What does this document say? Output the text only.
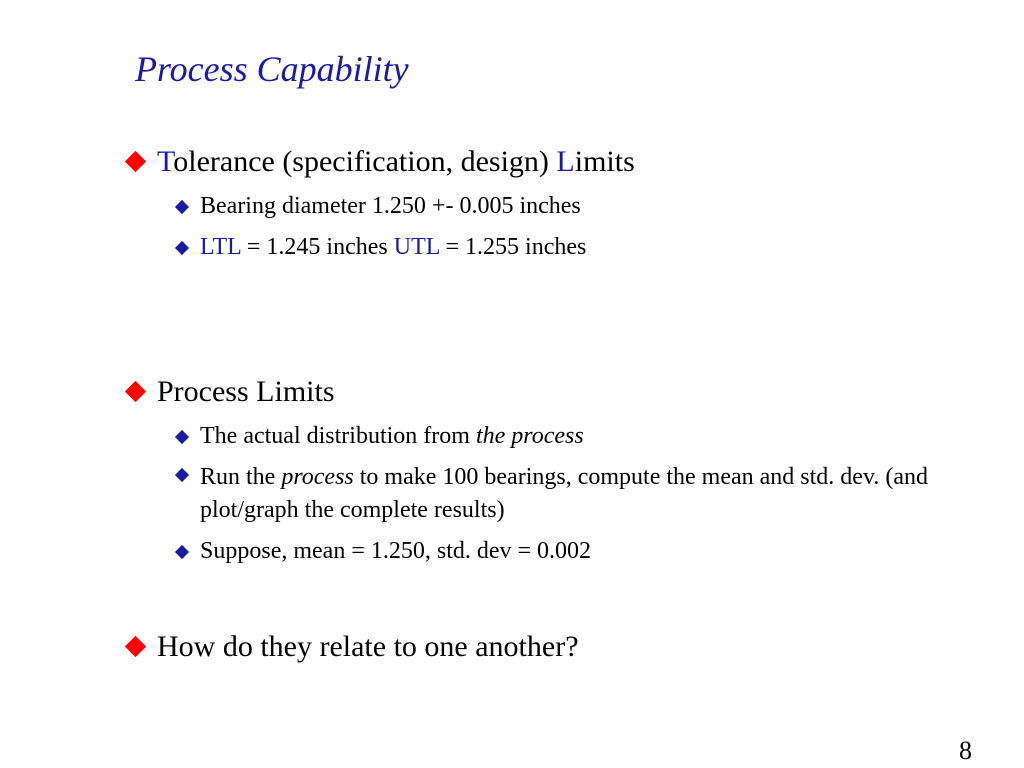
Process Capability
Tolerance (specification, design) Limits
Bearing diameter 1.250 +- 0.005 inches
LTL = 1.245 inches UTL = 1.255 inches
Process Limits
The actual distribution from the process
Run the process to make 100 bearings, compute the mean and std. dev. (and plot/graph the complete results)
Suppose, mean = 1.250, std. dev = 0.002
How do they relate to one another?
8
